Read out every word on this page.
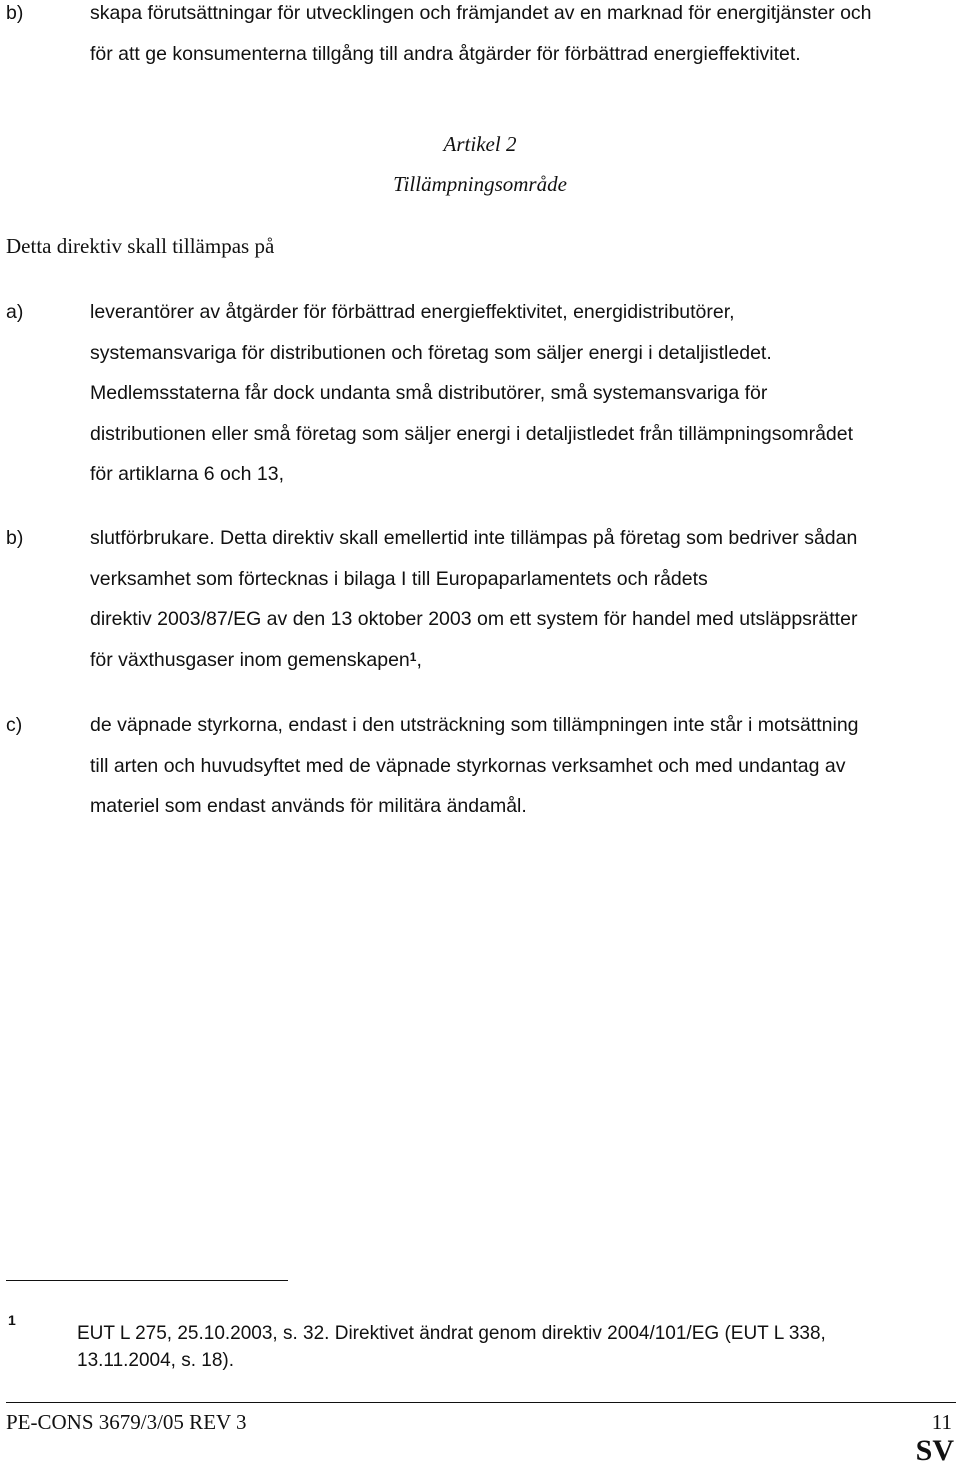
b)	skapa förutsättningar för utvecklingen och främjandet av en marknad för energitjänster och
för att ge konsumenterna tillgång till andra åtgärder för förbättrad energieffektivitet.
Artikel 2
Tillämpningsområde
Detta direktiv skall tillämpas på
a)	leverantörer av åtgärder för förbättrad energieffektivitet, energidistributörer,
systemansvariga för distributionen och företag som säljer energi i detaljistledet.
Medlemsstaterna får dock undanta små distributörer, små systemansvariga för
distributionen eller små företag som säljer energi i detaljistledet från tillämpningsområdet
för artiklarna 6 och 13,
b)	slutförbrukare. Detta direktiv skall emellertid inte tillämpas på företag som bedriver sådan
verksamhet som förtecknas i bilaga I till Europaparlamentets och rådets
direktiv 2003/87/EG av den 13 oktober 2003 om ett system för handel med utsläppsrätter
för växthusgaser inom gemenskapen$^1$,
c)	de väpnade styrkorna, endast i den utsträckning som tillämpningen inte står i motsättning
till arten och huvudsyftet med de väpnade styrkornas verksamhet och med undantag av
materiel som endast används för militära ändamål.
1
EUT L 275, 25.10.2003, s. 32. Direktivet ändrat genom direktiv 2004/101/EG (EUT L 338,
13.11.2004, s. 18).
PE-CONS 3679/3/05 REV 3	11
SV
